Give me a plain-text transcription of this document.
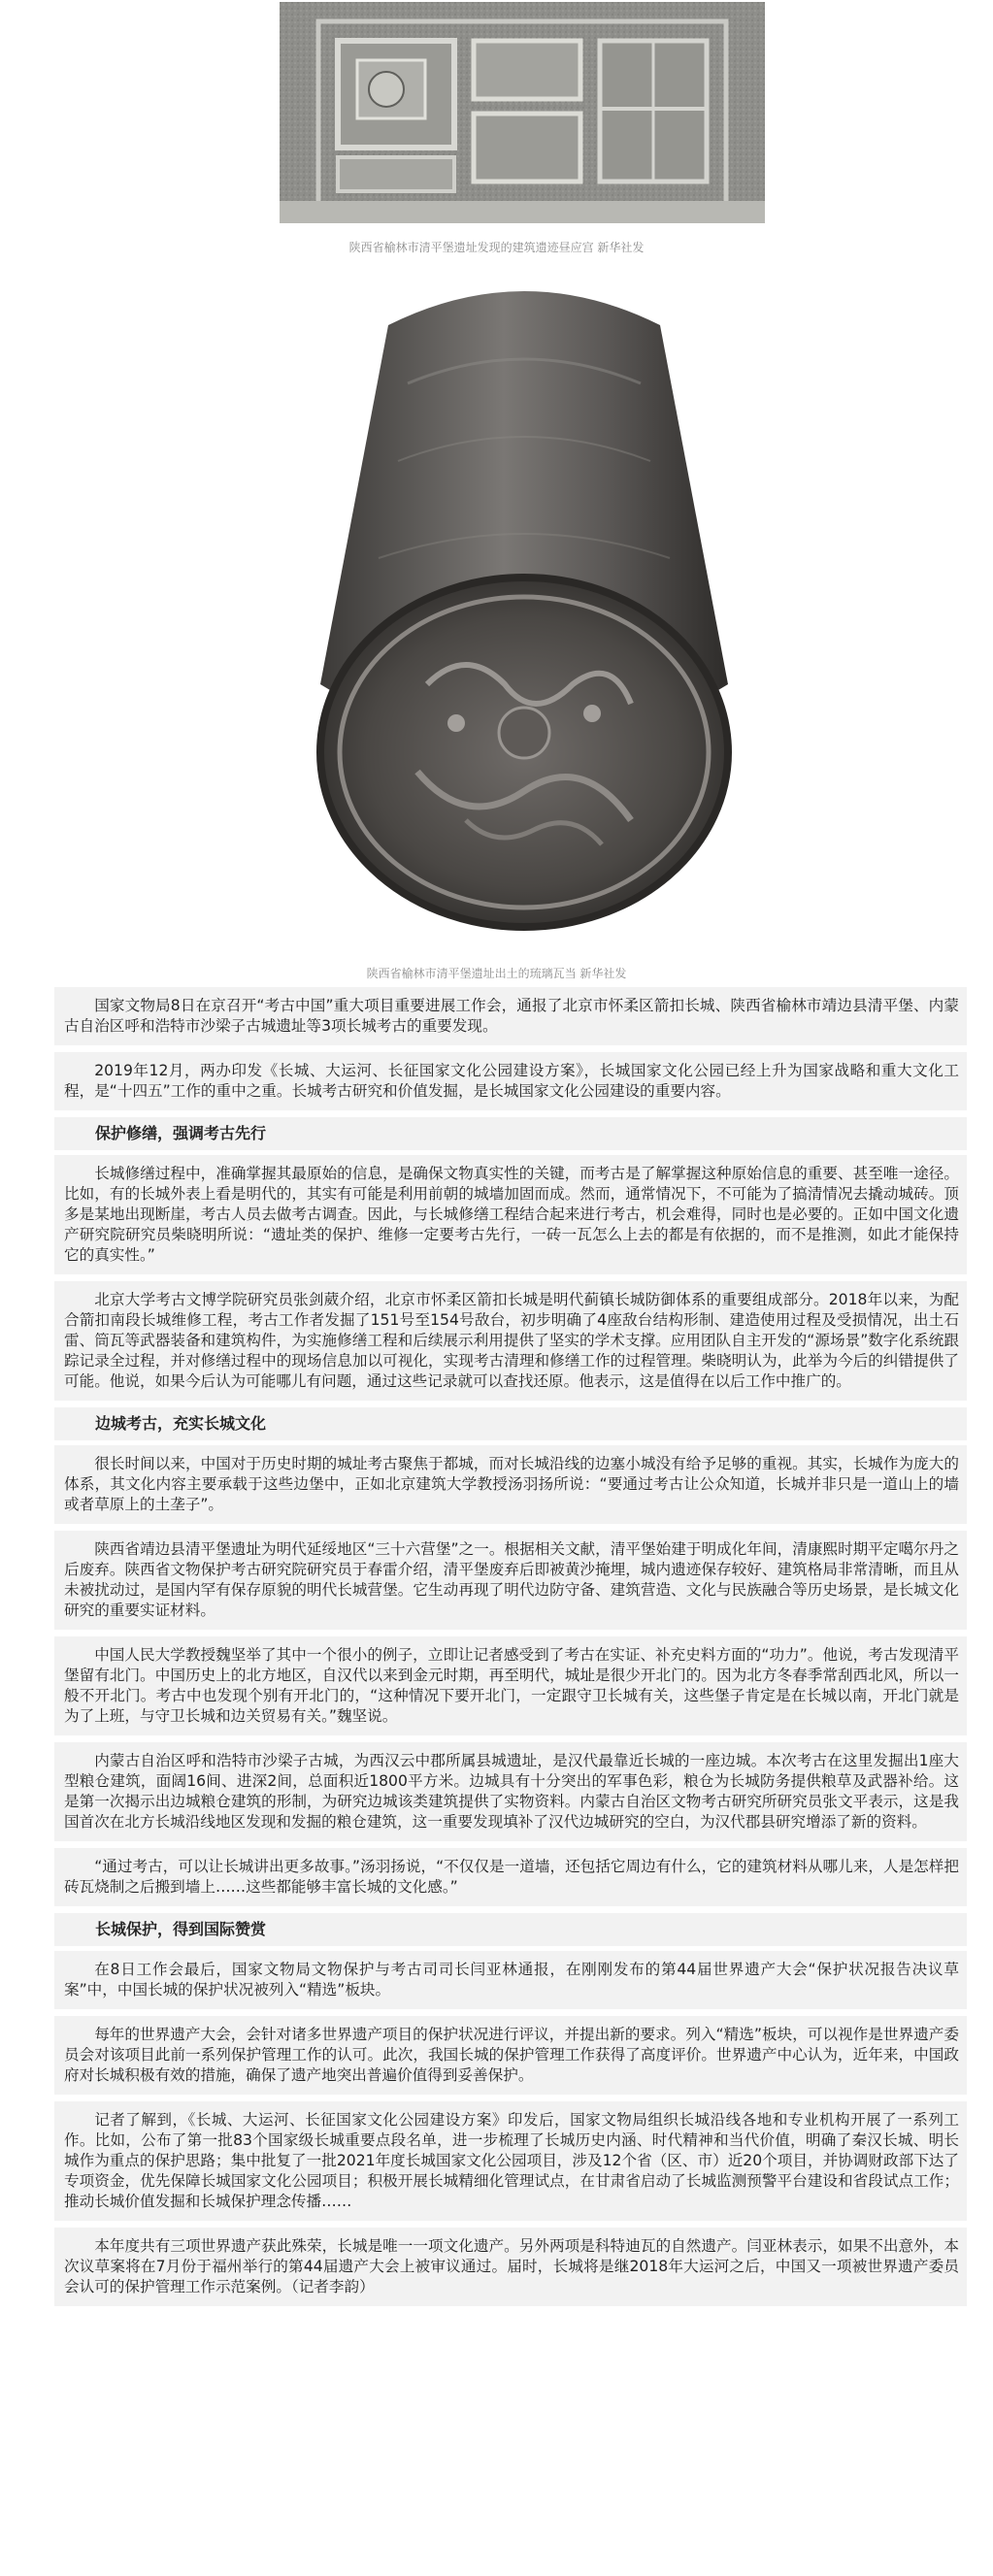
陕西省榆林市清平堡遗址发现的建筑遗迹昼应宫 新华社发
陕西省榆林市清平堡遗址出土的琉璃瓦当 新华社发
国家文物局8日在京召开“考古中国”重大项目重要进展工作会，通报了北京市怀柔区箭扣长城、陕西省榆林市靖边县清平堡、内蒙古自治区呼和浩特市沙梁子古城遗址等3项长城考古的重要发现。
2019年12月，两办印发《长城、大运河、长征国家文化公园建设方案》，长城国家文化公园已经上升为国家战略和重大文化工程，是“十四五”工作的重中之重。长城考古研究和价值发掘，是长城国家文化公园建设的重要内容。
保护修缮，强调考古先行
长城修缮过程中，准确掌握其最原始的信息，是确保文物真实性的关键，而考古是了解掌握这种原始信息的重要、甚至唯一途径。比如，有的长城外表上看是明代的，其实有可能是利用前朝的城墙加固而成。然而，通常情况下，不可能为了搞清情况去撬动城砖。顶多是某地出现断崖，考古人员去做考古调查。因此，与长城修缮工程结合起来进行考古，机会难得，同时也是必要的。正如中国文化遗产研究院研究员柴晓明所说：“遗址类的保护、维修一定要考古先行，一砖一瓦怎么上去的都是有依据的，而不是推测，如此才能保持它的真实性。”
北京大学考古文博学院研究员张剑葳介绍，北京市怀柔区箭扣长城是明代蓟镇长城防御体系的重要组成部分。2018年以来，为配合箭扣南段长城维修工程，考古工作者发掘了151号至154号敌台，初步明确了4座敌台结构形制、建造使用过程及受损情况，出土石雷、筒瓦等武器装备和建筑构件，为实施修缮工程和后续展示利用提供了坚实的学术支撑。应用团队自主开发的“源场景”数字化系统跟踪记录全过程，并对修缮过程中的现场信息加以可视化，实现考古清理和修缮工作的过程管理。柴晓明认为，此举为今后的纠错提供了可能。他说，如果今后认为可能哪儿有问题，通过这些记录就可以查找还原。他表示，这是值得在以后工作中推广的。
边城考古，充实长城文化
很长时间以来，中国对于历史时期的城址考古聚焦于都城，而对长城沿线的边塞小城没有给予足够的重视。其实，长城作为庞大的体系，其文化内容主要承载于这些边堡中，正如北京建筑大学教授汤羽扬所说：“要通过考古让公众知道，长城并非只是一道山上的墙或者草原上的土垄子”。
陕西省靖边县清平堡遗址为明代延绥地区“三十六营堡”之一。根据相关文献，清平堡始建于明成化年间，清康熙时期平定噶尔丹之后废弃。陕西省文物保护考古研究院研究员于春雷介绍，清平堡废弃后即被黄沙掩埋，城内遗迹保存较好、建筑格局非常清晰，而且从未被扰动过，是国内罕有保存原貌的明代长城营堡。它生动再现了明代边防守备、建筑营造、文化与民族融合等历史场景，是长城文化研究的重要实证材料。
中国人民大学教授魏坚举了其中一个很小的例子，立即让记者感受到了考古在实证、补充史料方面的“功力”。他说，考古发现清平堡留有北门。中国历史上的北方地区，自汉代以来到金元时期，再至明代，城址是很少开北门的。因为北方冬春季常刮西北风，所以一般不开北门。考古中也发现个别有开北门的，“这种情况下要开北门，一定跟守卫长城有关，这些堡子肯定是在长城以南，开北门就是为了上班，与守卫长城和边关贸易有关。”魏坚说。
内蒙古自治区呼和浩特市沙梁子古城，为西汉云中郡所属县城遗址，是汉代最靠近长城的一座边城。本次考古在这里发掘出1座大型粮仓建筑，面阔16间、进深2间，总面积近1800平方米。边城具有十分突出的军事色彩，粮仓为长城防务提供粮草及武器补给。这是第一次揭示出边城粮仓建筑的形制，为研究边城该类建筑提供了实物资料。内蒙古自治区文物考古研究所研究员张文平表示，这是我国首次在北方长城沿线地区发现和发掘的粮仓建筑，这一重要发现填补了汉代边城研究的空白，为汉代郡县研究增添了新的资料。
“通过考古，可以让长城讲出更多故事。”汤羽扬说，“不仅仅是一道墙，还包括它周边有什么，它的建筑材料从哪儿来，人是怎样把砖瓦烧制之后搬到墙上……这些都能够丰富长城的文化感。”
长城保护，得到国际赞赏
在8日工作会最后，国家文物局文物保护与考古司司长闫亚林通报，在刚刚发布的第44届世界遗产大会“保护状况报告决议草案”中，中国长城的保护状况被列入“精选”板块。
每年的世界遗产大会，会针对诸多世界遗产项目的保护状况进行评议，并提出新的要求。列入“精选”板块，可以视作是世界遗产委员会对该项目此前一系列保护管理工作的认可。此次，我国长城的保护管理工作获得了高度评价。世界遗产中心认为，近年来，中国政府对长城积极有效的措施，确保了遗产地突出普遍价值得到妥善保护。
记者了解到，《长城、大运河、长征国家文化公园建设方案》印发后，国家文物局组织长城沿线各地和专业机构开展了一系列工作。比如，公布了第一批83个国家级长城重要点段名单，进一步梳理了长城历史内涵、时代精神和当代价值，明确了秦汉长城、明长城作为重点的保护思路；集中批复了一批2021年度长城国家文化公园项目，涉及12个省（区、市）近20个项目，并协调财政部下达了专项资金，优先保障长城国家文化公园项目；积极开展长城精细化管理试点，在甘肃省启动了长城监测预警平台建设和省段试点工作；推动长城价值发掘和长城保护理念传播……
本年度共有三项世界遗产获此殊荣，长城是唯一一项文化遗产。另外两项是科特迪瓦的自然遗产。闫亚林表示，如果不出意外，本次议草案将在7月份于福州举行的第44届遗产大会上被审议通过。届时，长城将是继2018年大运河之后，中国又一项被世界遗产委员会认可的保护管理工作示范案例。（记者李韵）
